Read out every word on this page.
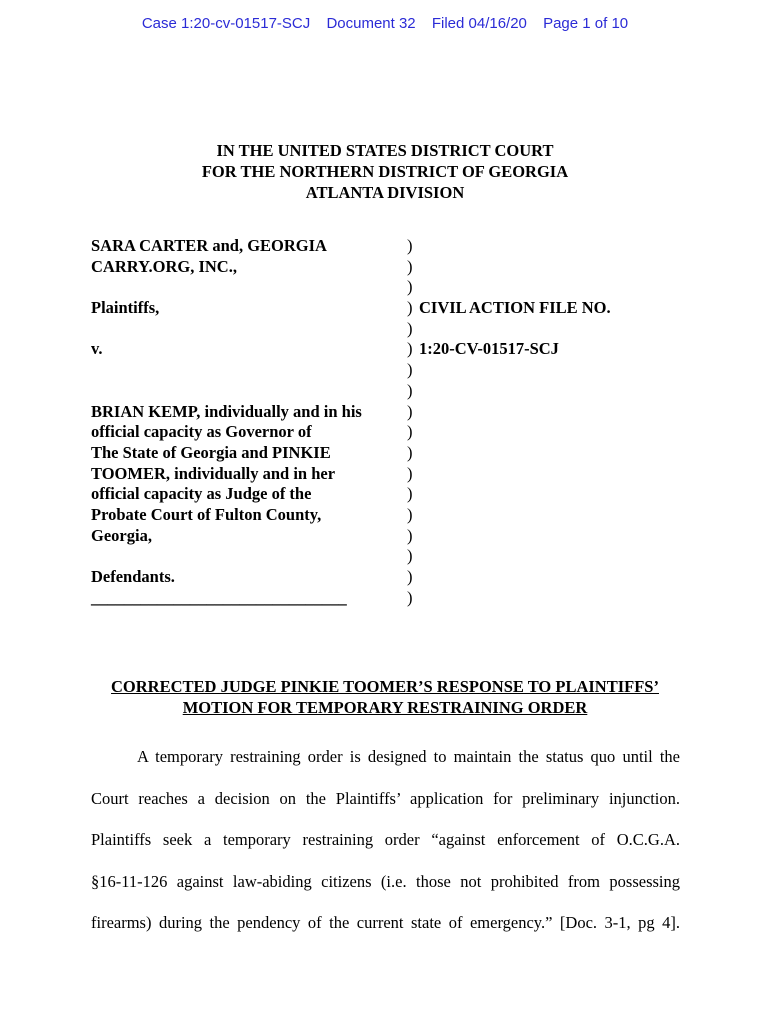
Case 1:20-cv-01517-SCJ Document 32 Filed 04/16/20 Page 1 of 10
IN THE UNITED STATES DISTRICT COURT
FOR THE NORTHERN DISTRICT OF GEORGIA
ATLANTA DIVISION
SARA CARTER and, GEORGIA	)
CARRY.ORG, INC.,	)
)
Plaintiffs,	) CIVIL ACTION FILE NO.
)
v.	) 1:20-CV-01517-SCJ
)
)
BRIAN KEMP, individually and in his	)
official capacity as Governor of	)
The State of Georgia and PINKIE	)
TOOMER, individually and in her	)
official capacity as Judge of the	)
Probate Court of Fulton County,	)
Georgia,	)
)
Defendants.	)
_______________________________	)
CORRECTED JUDGE PINKIE TOOMER’S RESPONSE TO PLAINTIFFS’
MOTION FOR TEMPORARY RESTRAINING ORDER
A temporary restraining order is designed to maintain the status quo until the
Court reaches a decision on the Plaintiffs’ application for preliminary injunction.
Plaintiffs seek a temporary restraining order “against enforcement of O.C.G.A.
§16-11-126 against law-abiding citizens (i.e. those not prohibited from possessing
firearms) during the pendency of the current state of emergency.” [Doc. 3-1, pg 4].
